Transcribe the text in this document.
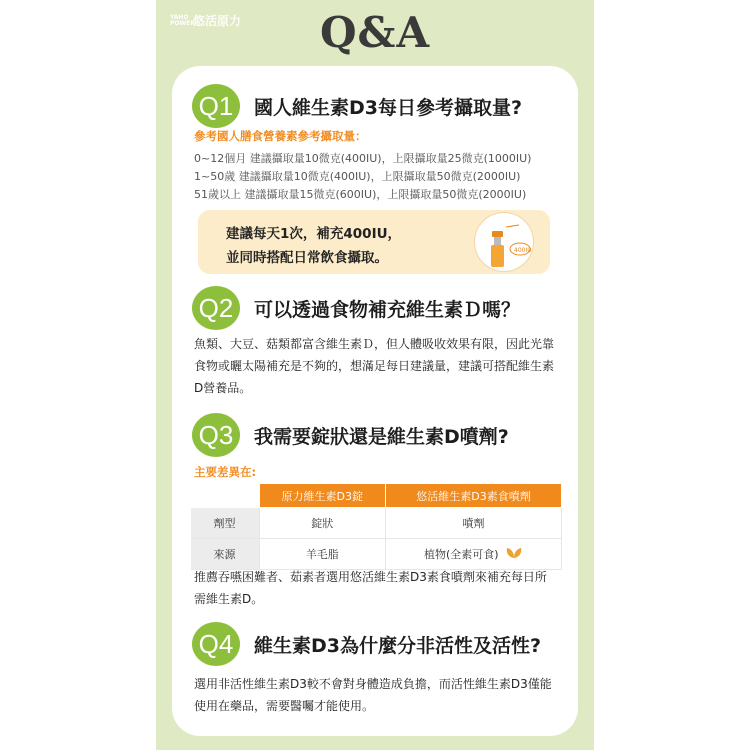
YAHO POWER
悠活原力	Q&A
Q1	國人維生素D3每日參考攝取量?
參考國人膳食營養素參考攝取量：
0~12個月 建議攝取量10微克(400IU)，上限攝取量25微克(1000IU)
1~50歲 建議攝取量10微克(400IU)，上限攝取量50微克(2000IU)
51歲以上 建議攝取量15微克(600IU)，上限攝取量50微克(2000IU)
建議每天1次，補充400IU，
並同時搭配日常飲食攝取。	400IU
Q2	可以透過食物補充維生素Ｄ嗎？
魚類、大豆、菇類都富含維生素Ｄ，但人體吸收效果有限，因此光靠食物或曬太陽補充是不夠的，想滿足每日建議量，建議可搭配維生素D營養品。
Q3	我需要錠狀還是維生素D噴劑?
主要差異在:
	原力維生素D3錠	悠活維生素D3素食噴劑
劑型	錠狀	噴劑
來源	羊毛脂	植物(全素可食)
推薦吞嚥困難者、茹素者選用悠活維生素D3素食噴劑來補充每日所需維生素D。
Q4	維生素D3為什麼分非活性及活性?
選用非活性維生素D3較不會對身體造成負擔，而活性維生素D3僅能使用在藥品，需要醫囑才能使用。
